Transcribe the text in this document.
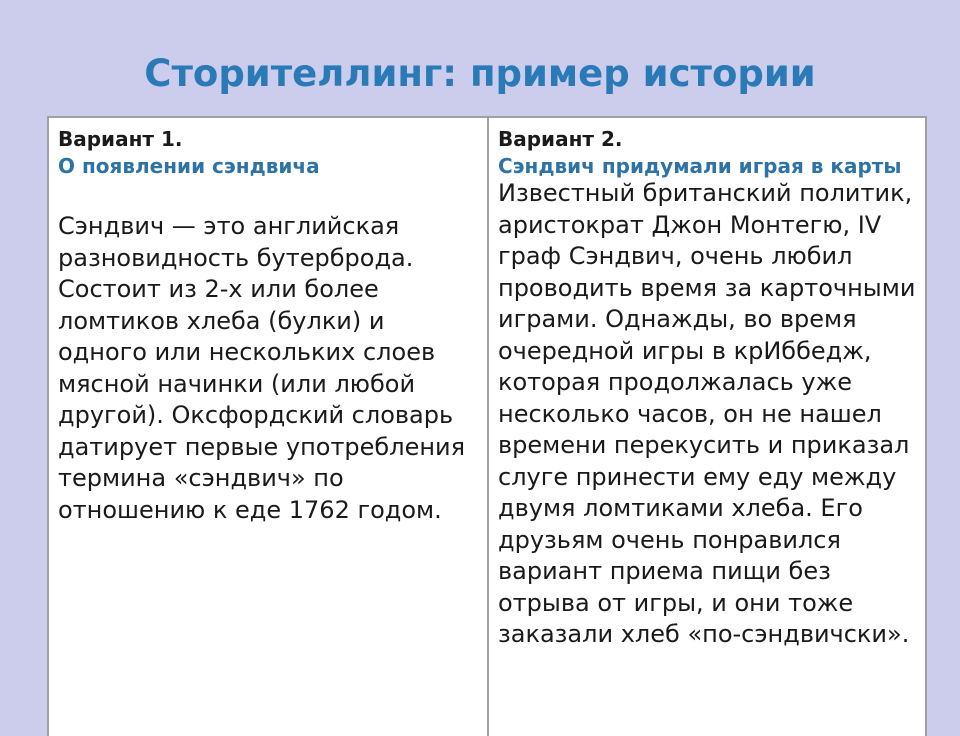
Сторителлинг: пример истории
Вариант 1.
О появлении сэндвича
Сэндвич — это английская разновидность бутерброда. Состоит из 2-х или более ломтиков хлеба (булки) и одного или нескольких слоев мясной начинки (или любой другой). Оксфордский словарь датирует первые употребления термина «сэндвич» по отношению к еде 1762 годом.
Вариант 2.
Сэндвич придумали играя в карты
Известный британский политик, аристократ Джон Монтегю, IV граф Сэндвич, очень любил проводить время за карточными играми. Однажды, во время очередной игры в крИббедж, которая продолжалась уже несколько часов, он не нашел времени перекусить и приказал слуге принести ему еду между двумя ломтиками хлеба. Его друзьям очень понравился вариант приема пищи без отрыва от игры, и они тоже заказали хлеб «по-сэндвичски».
